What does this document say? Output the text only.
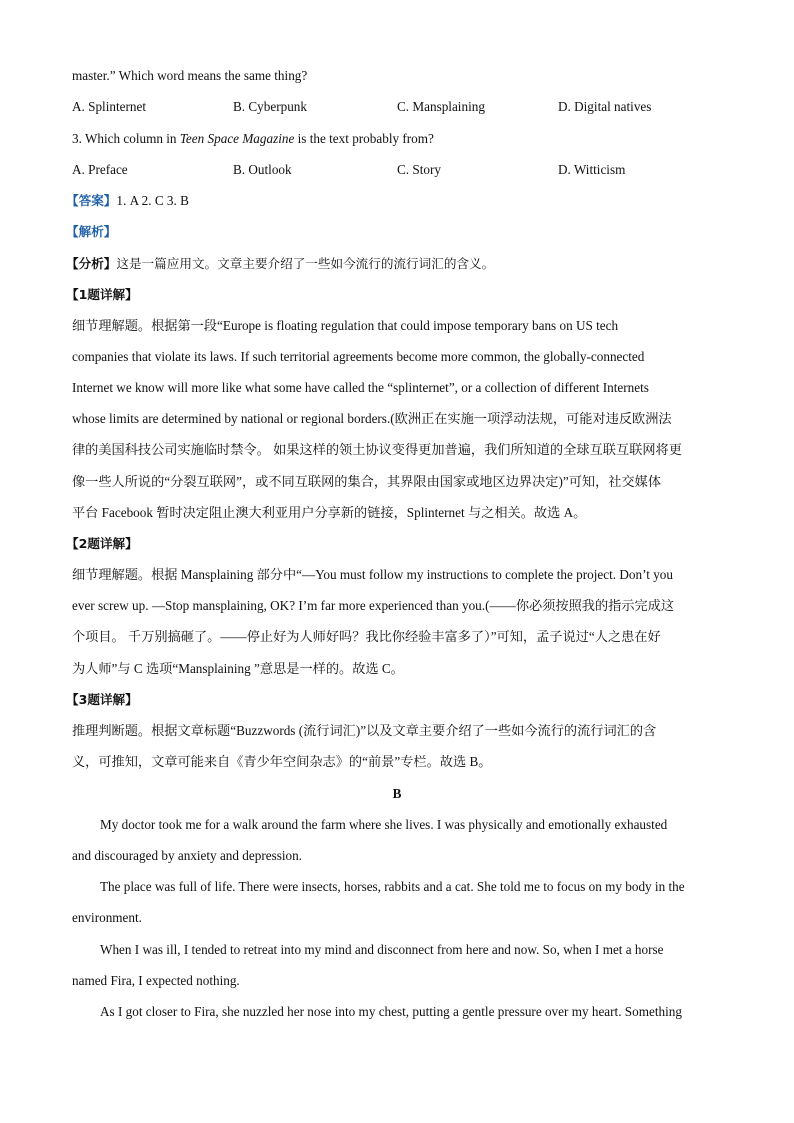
master.” Which word means the same thing?
A. Splinternet	B. Cyberpunk	C. Mansplaining	D. Digital natives
3. Which column in Teen Space Magazine is the text probably from?
A. Preface	B. Outlook	C. Story	D. Witticism
【答案】1. A 2. C 3. B
【解析】
【分析】这是一篇应用文。文章主要介绍了一些如今流行的流行词汇的含义。
【1题详解】
细节理解题。根据第一段“Europe is floating regulation that could impose temporary bans on US tech
companies that violate its laws. If such territorial agreements become more common, the globally-connected
Internet we know will more like what some have called the “splinternet”, or a collection of different Internets
whose limits are determined by national or regional borders.(欧洲正在实施一项浮动法规，可能对违反欧洲法
律的美国科技公司实施临时禁令。 如果这样的领土协议变得更加普遍，我们所知道的全球互联互联网将更
像一些人所说的“分裂互联网”，或不同互联网的集合，其界限由国家或地区边界决定)”可知，社交媒体
平台 Facebook 暂时决定阻止澳大利亚用户分享新的链接，Splinternet 与之相关。故选 A。
【2题详解】
细节理解题。根据 Mansplaining 部分中“—You must follow my instructions to complete the project. Don’t you
ever screw up. —Stop mansplaining, OK? I’m far more experienced than you.(——你必须按照我的指示完成这
个项目。 千万别搞砸了。——停止好为人师好吗？我比你经验丰富多了）”可知，孟子说过“人之患在好
为人师”与 C 选项“Mansplaining ”意思是一样的。故选 C。
【3题详解】
推理判断题。根据文章标题“Buzzwords (流行词汇)”以及文章主要介绍了一些如今流行的流行词汇的含
义，可推知，文章可能来自《青少年空间杂志》的“前景”专栏。故选 B。
B
My doctor took me for a walk around the farm where she lives. I was physically and emotionally exhausted
and discouraged by anxiety and depression.
The place was full of life. There were insects, horses, rabbits and a cat. She told me to focus on my body in the
environment.
When I was ill, I tended to retreat into my mind and disconnect from here and now. So, when I met a horse
named Fira, I expected nothing.
As I got closer to Fira, she nuzzled her nose into my chest, putting a gentle pressure over my heart. Something
